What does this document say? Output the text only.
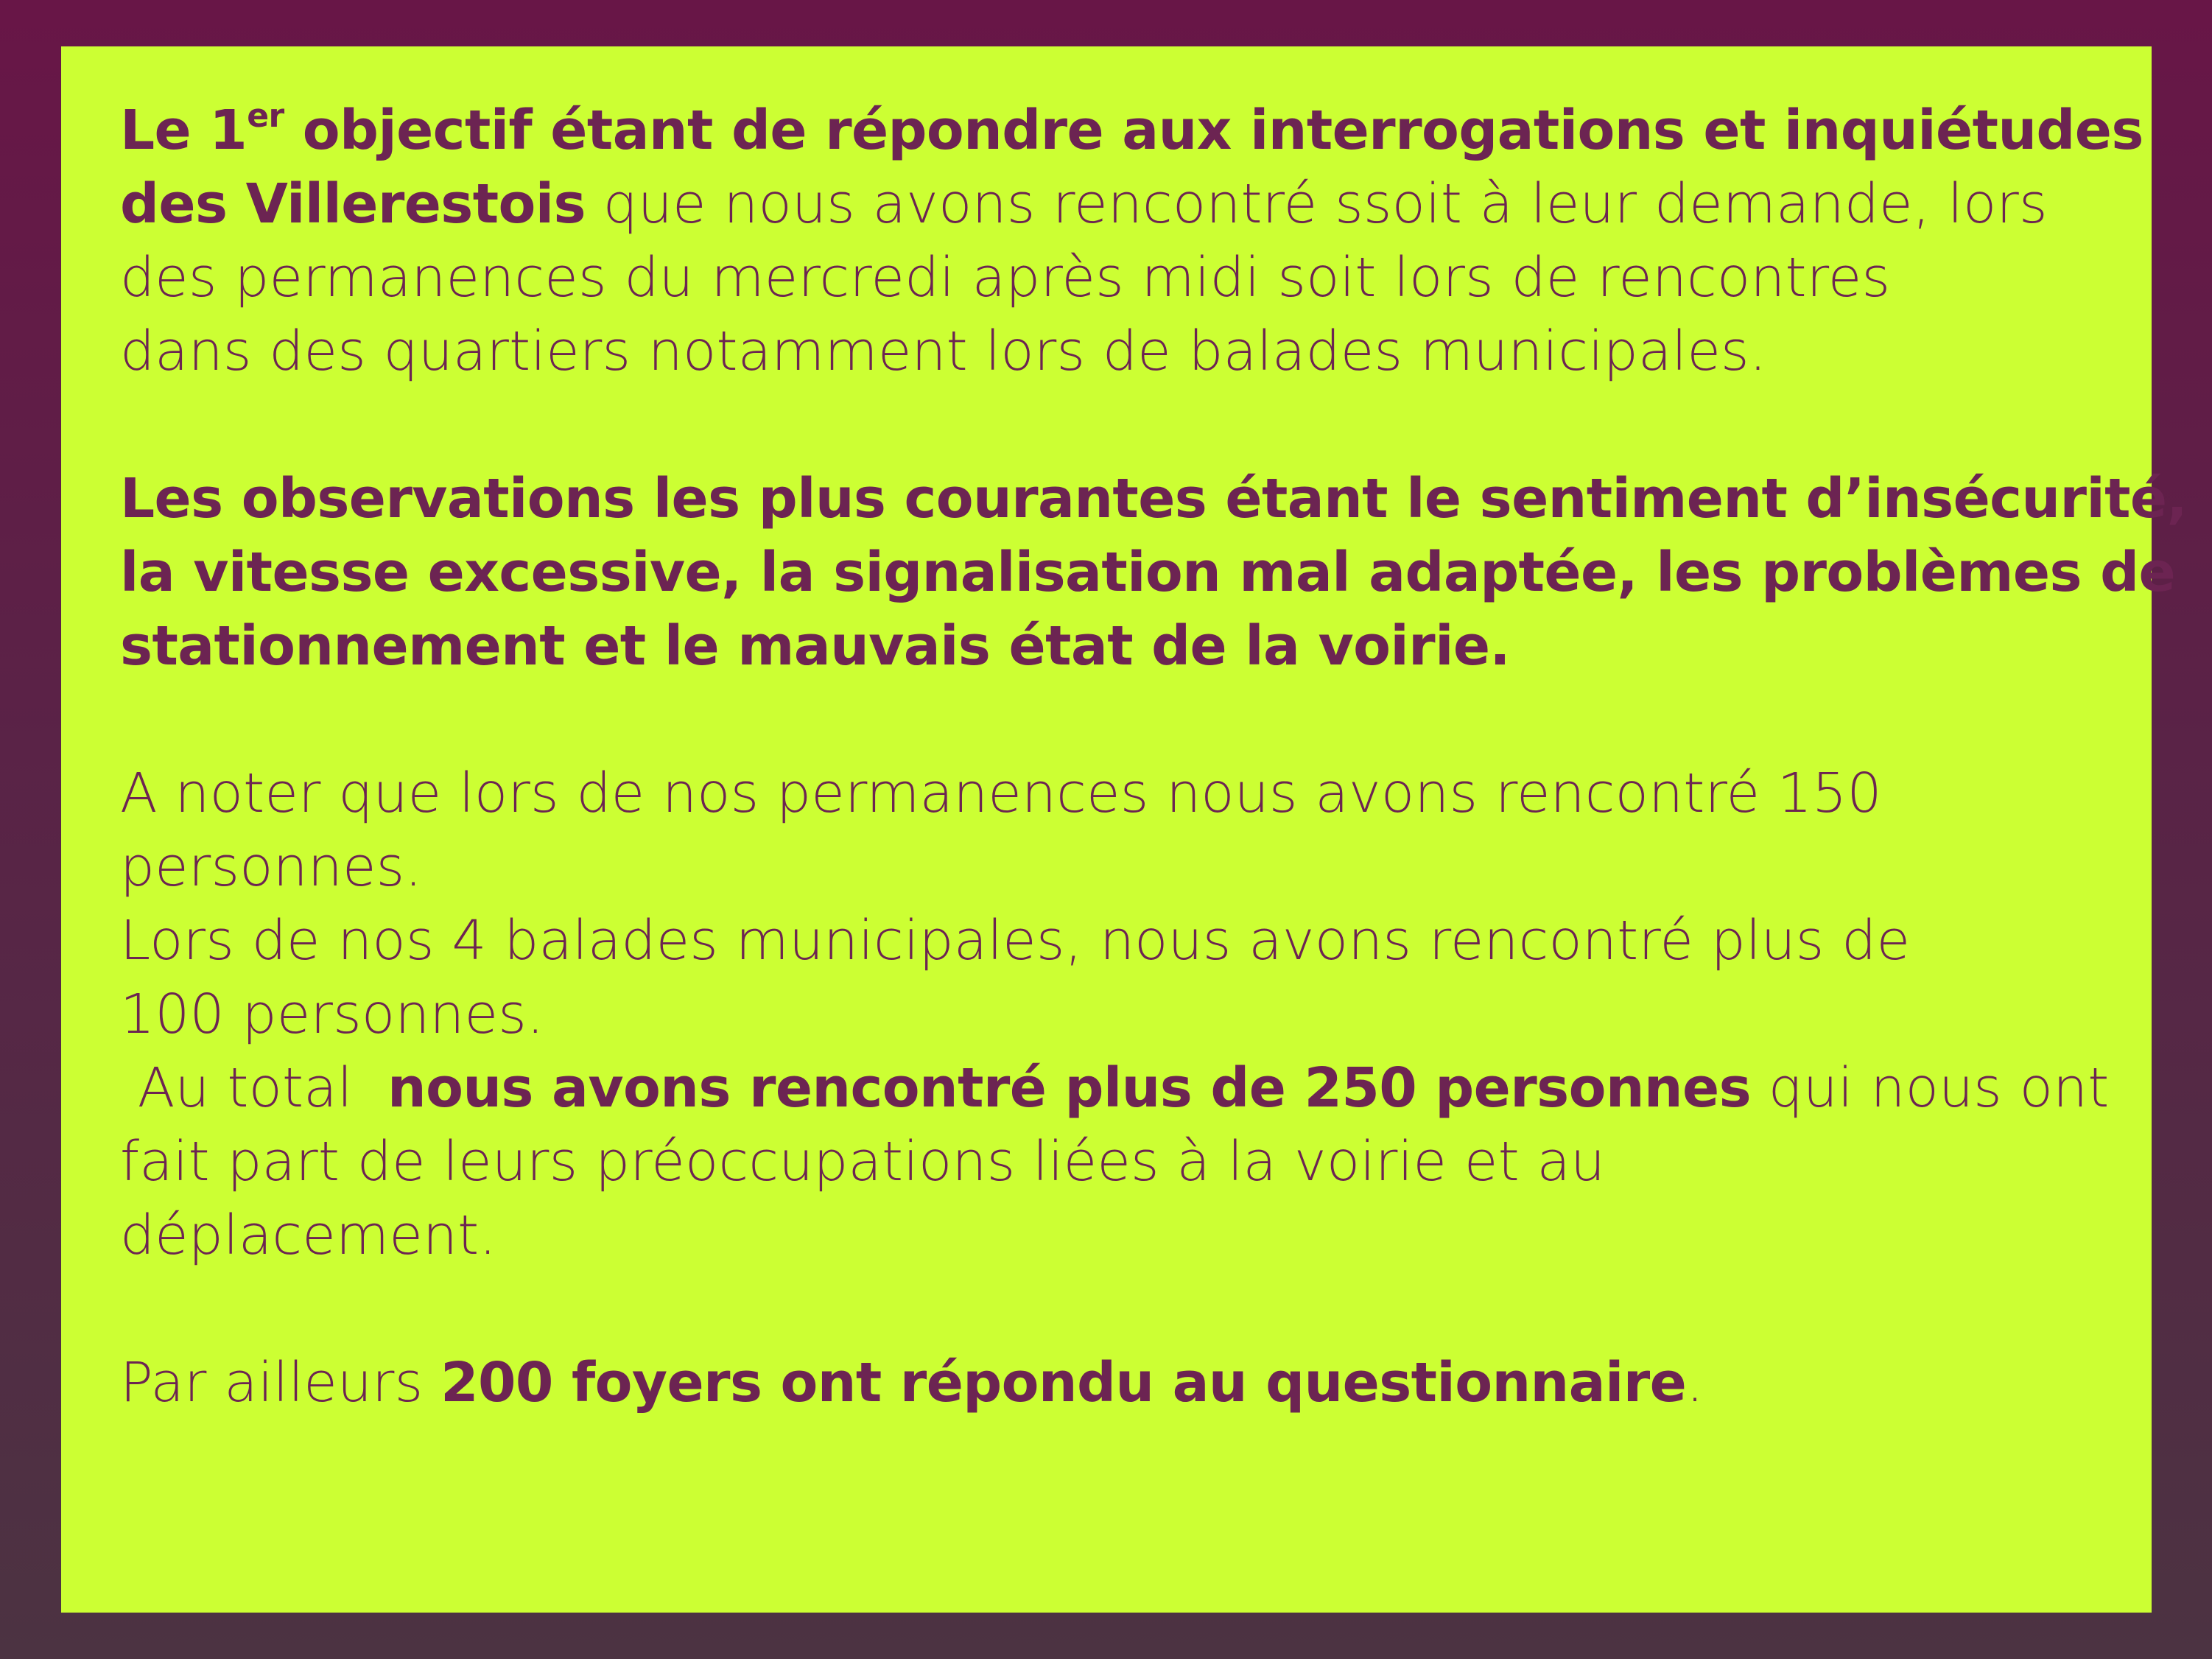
Le 1er objectif étant de répondre aux interrogations et inquiétudes
des Villerestois que nous avons rencontré ssoit à leur demande, lors
des permanences du mercredi après midi soit lors de rencontres
dans des quartiers notamment lors de balades municipales.
Les observations les plus courantes étant le sentiment d’insécurité,
la vitesse excessive, la signalisation mal adaptée, les problèmes de
stationnement et le mauvais état de la voirie.
A noter que lors de nos permanences nous avons rencontré 150
personnes.
Lors de nos 4 balades municipales, nous avons rencontré plus de
100 personnes.
Au total  nous avons rencontré plus de 250 personnes qui nous ont
fait part de leurs préoccupations liées à la voirie et au
déplacement.
Par ailleurs 200 foyers ont répondu au questionnaire.
